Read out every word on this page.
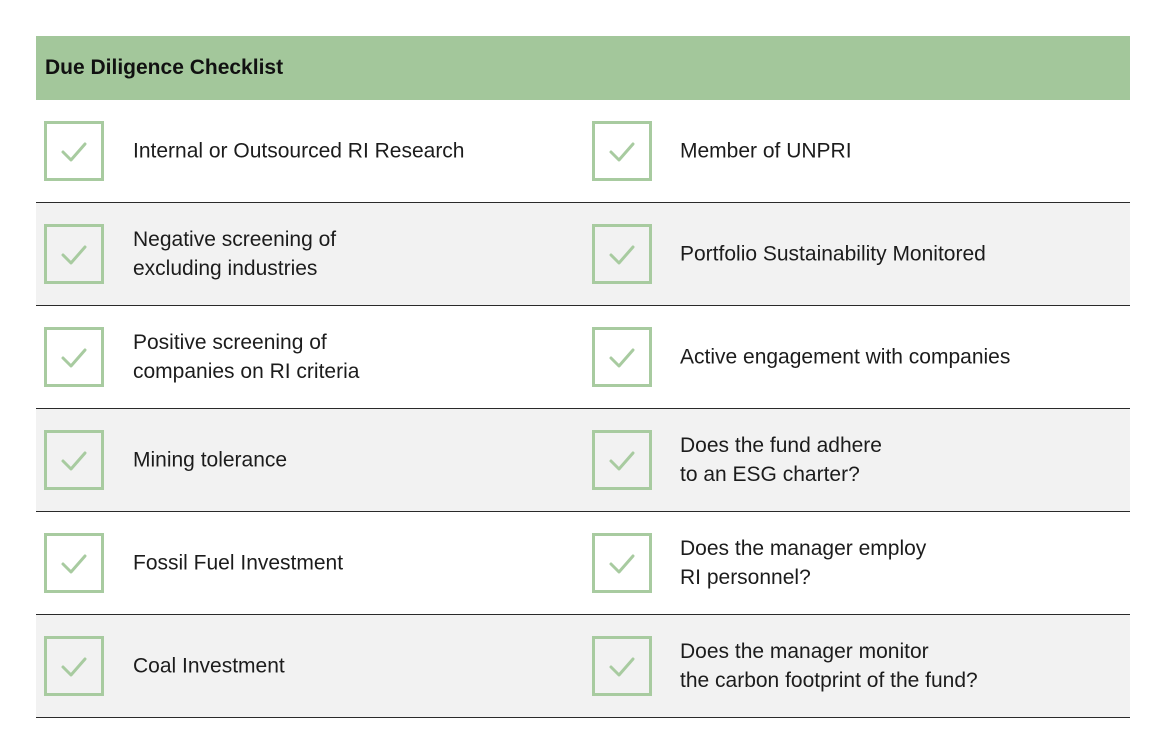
Due Diligence Checklist
Internal or Outsourced RI Research	Member of UNPRI
Negative screening of
excluding industries
Portfolio Sustainability Monitored
Positive screening of
companies on RI criteria
Active engagement with companies
Mining tolerance
Does the fund adhere
to an ESG charter?
Fossil Fuel Investment
Does the manager employ
RI personnel?
Coal Investment
Does the manager monitor
the carbon footprint of the fund?
